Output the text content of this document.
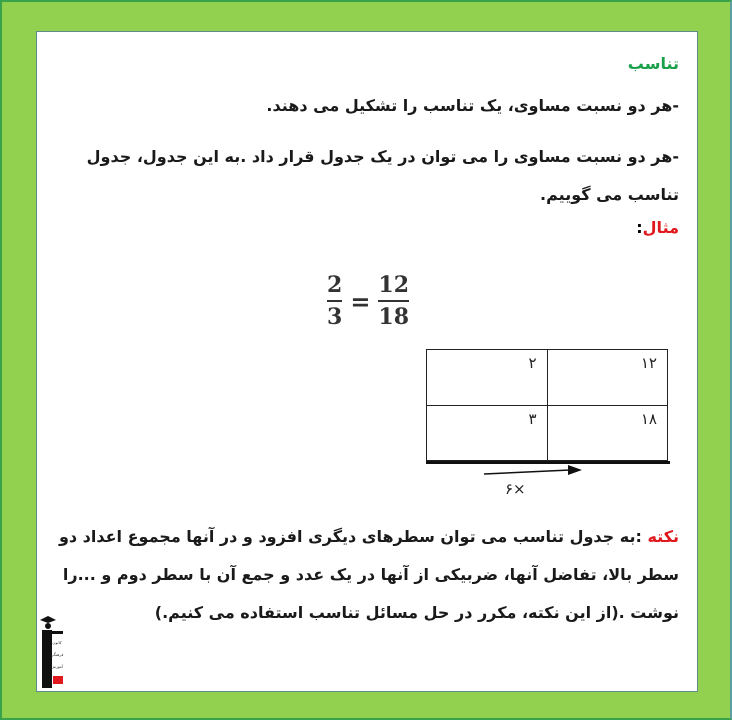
تناسب
-هر دو نسبت مساوی، یک تناسب را تشکیل می دهند.
-هر دو نسبت مساوی را می توان در یک جدول قرار داد .به این جدول، جدول تناسب می گوییم.
مثال:
$\frac{2}{3} = \frac{12}{18}$
۱۲	۲
۱۸	۳
۶×
نکته :به جدول تناسب می توان سطرهای دیگری افزود و در آنها مجموع اعداد دو سطر بالا، تفاضل آنها، ضربیکی از آنها در یک عدد و جمع آن با سطر دوم و ...را نوشت .(از این نکته، مکرر در حل مسائل تناسب استفاده می کنیم.)
کانون
فرهنگی
آموزش
